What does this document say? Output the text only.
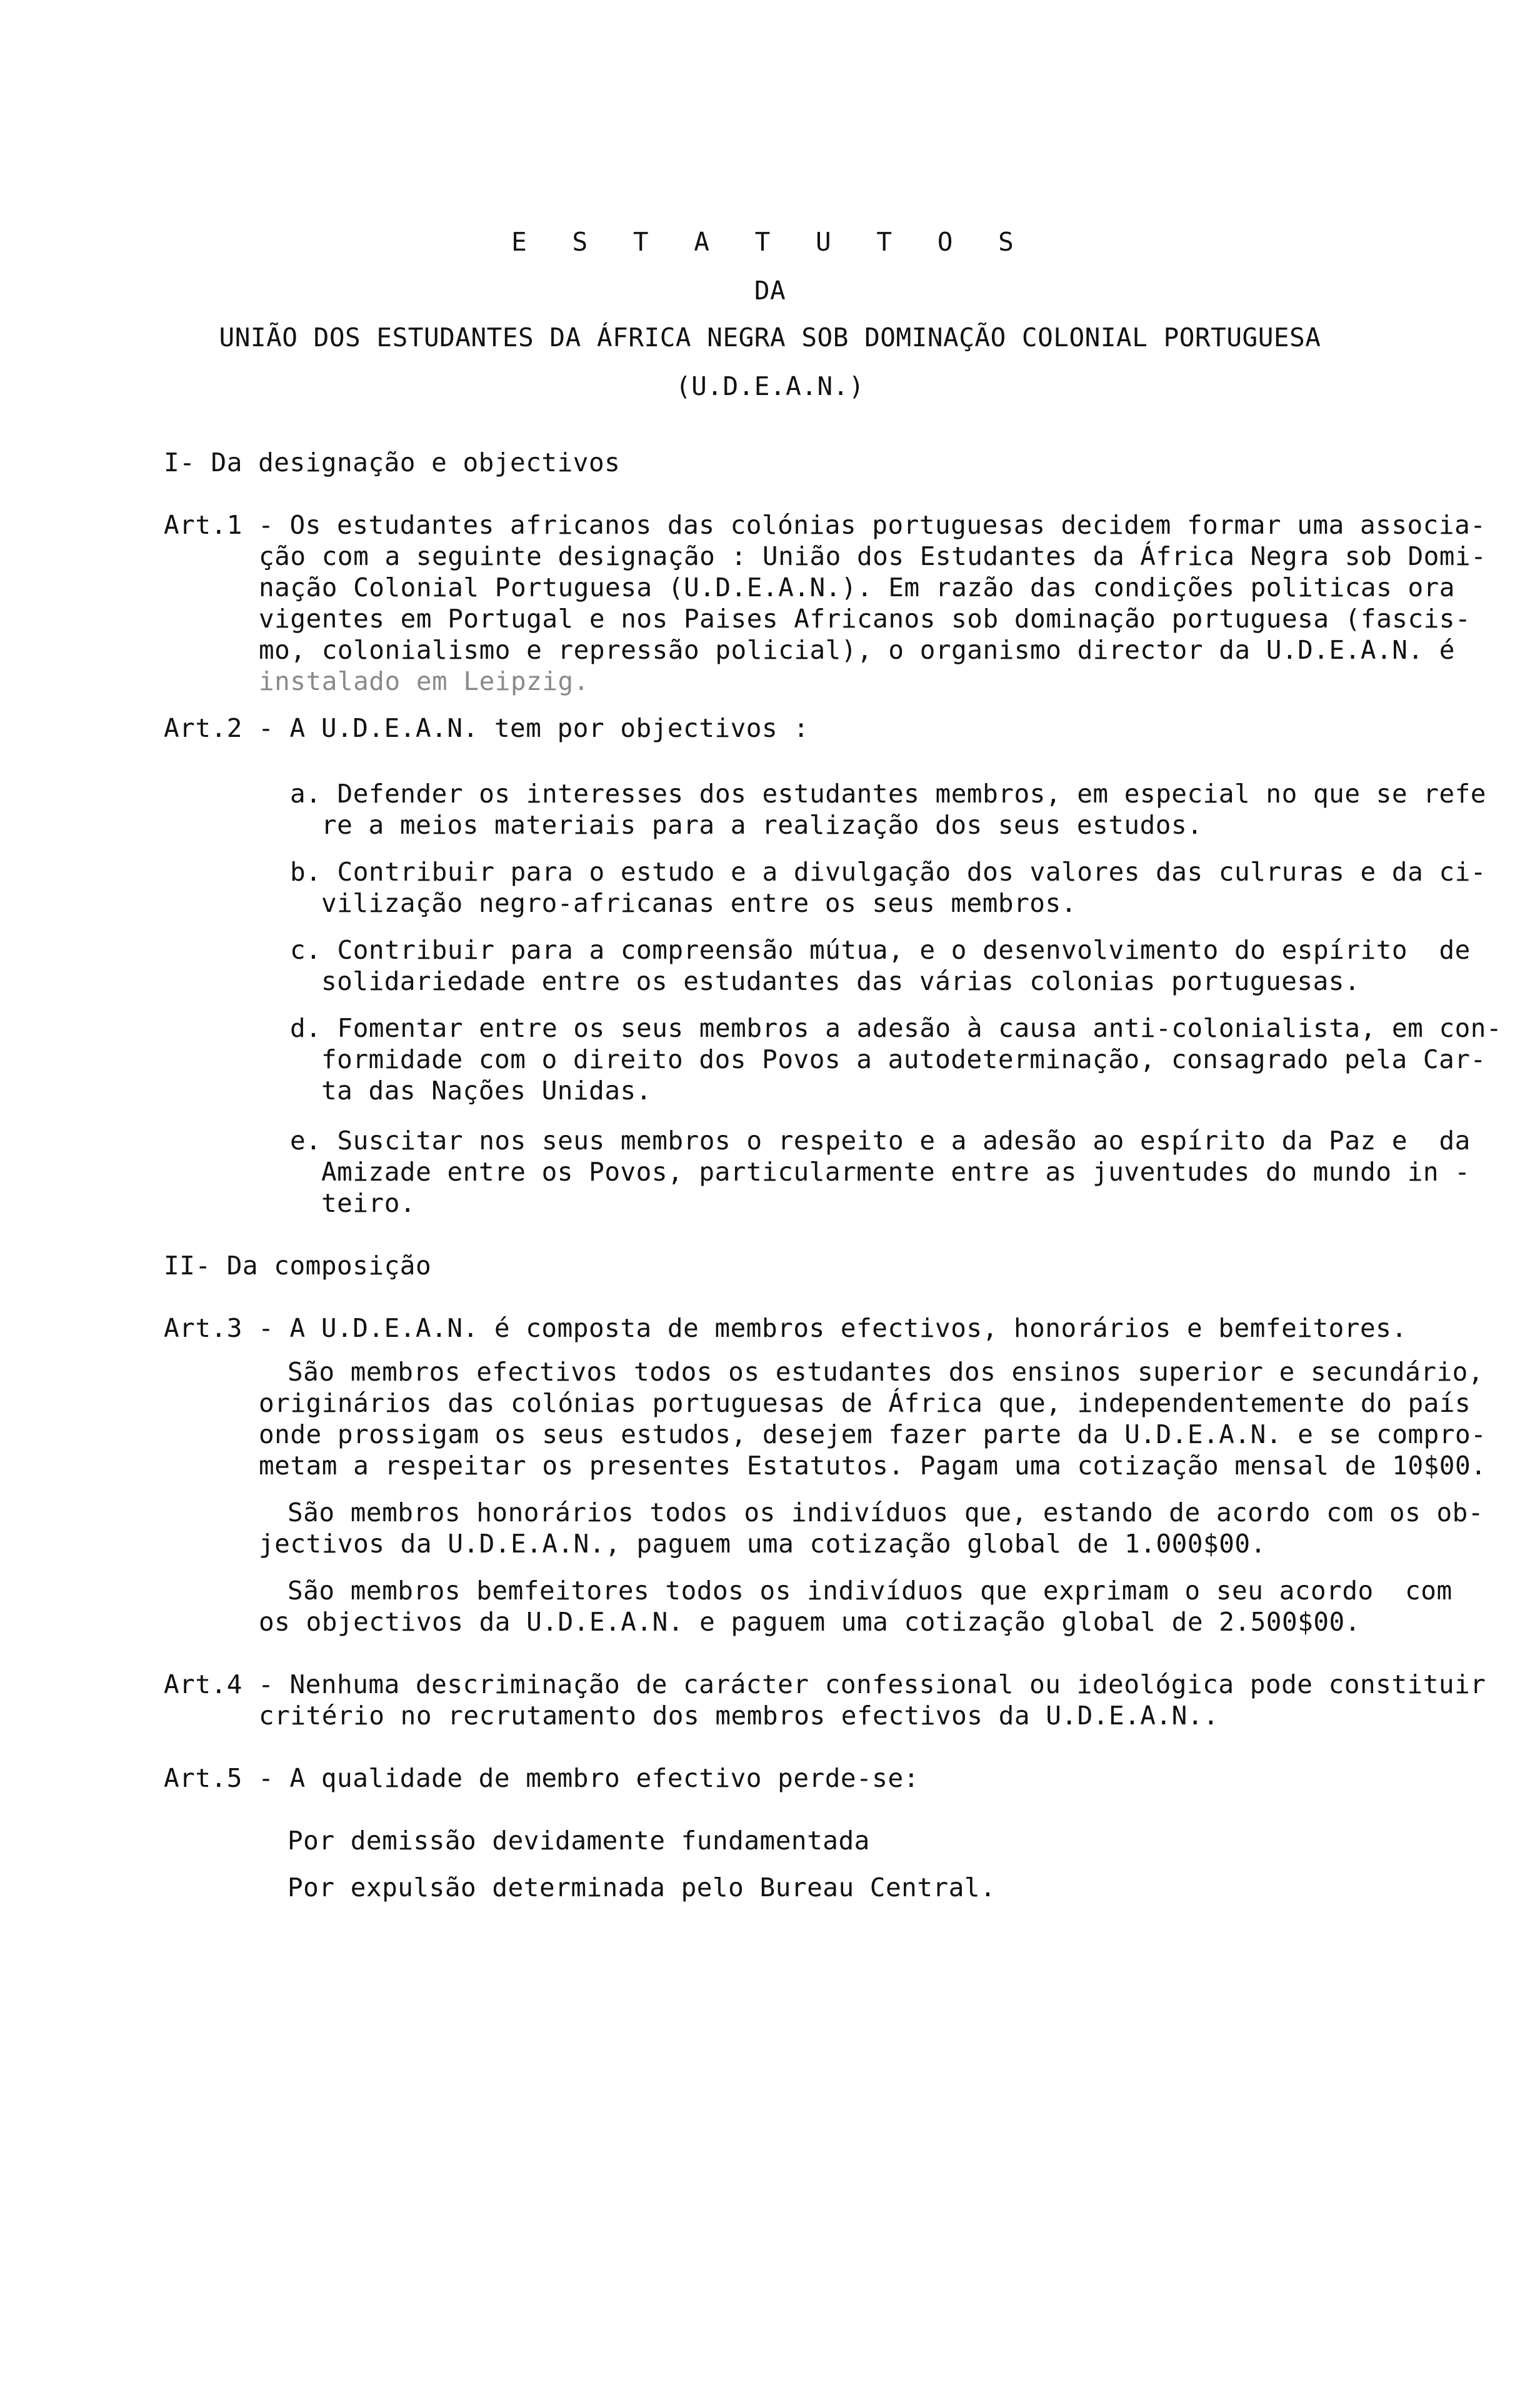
E S T A T U T O S
DA
UNIÃO DOS ESTUDANTES DA ÁFRICA NEGRA SOB DOMINAÇÃO COLONIAL PORTUGUESA
(U.D.E.A.N.)
I- Da designação e objectivos
Art.1 - Os estudantes africanos das colónias portuguesas decidem formar uma associa-
ção com a seguinte designação : União dos Estudantes da África Negra sob Domi-
nação Colonial Portuguesa (U.D.E.A.N.). Em razão das condições politicas ora
vigentes em Portugal e nos Paises Africanos sob dominação portuguesa (fascis-
mo, colonialismo e repressão policial), o organismo director da U.D.E.A.N. é
instalado em Leipzig.
Art.2 - A U.D.E.A.N. tem por objectivos :
a. Defender os interesses dos estudantes membros, em especial no que se refe
re a meios materiais para a realização dos seus estudos.
b. Contribuir para o estudo e a divulgação dos valores das culruras e da ci-
vilização negro-africanas entre os seus membros.
c. Contribuir para a compreensão mútua, e o desenvolvimento do espírito  de
solidariedade entre os estudantes das várias colonias portuguesas.
d. Fomentar entre os seus membros a adesão à causa anti-colonialista, em con-
formidade com o direito dos Povos a autodeterminação, consagrado pela Car-
ta das Nações Unidas.
e. Suscitar nos seus membros o respeito e a adesão ao espírito da Paz e  da
Amizade entre os Povos, particularmente entre as juventudes do mundo in -
teiro.
II- Da composição
Art.3 - A U.D.E.A.N. é composta de membros efectivos, honorários e bemfeitores.
São membros efectivos todos os estudantes dos ensinos superior e secundário,
originários das colónias portuguesas de África que, independentemente do país
onde prossigam os seus estudos, desejem fazer parte da U.D.E.A.N. e se compro-
metam a respeitar os presentes Estatutos. Pagam uma cotização mensal de 10$00.
São membros honorários todos os indivíduos que, estando de acordo com os ob-
jectivos da U.D.E.A.N., paguem uma cotização global de 1.000$00.
São membros bemfeitores todos os indivíduos que exprimam o seu acordo  com
os objectivos da U.D.E.A.N. e paguem uma cotização global de 2.500$00.
Art.4 - Nenhuma descriminação de carácter confessional ou ideológica pode constituir
critério no recrutamento dos membros efectivos da U.D.E.A.N..
Art.5 - A qualidade de membro efectivo perde-se:
Por demissão devidamente fundamentada
Por expulsão determinada pelo Bureau Central.
